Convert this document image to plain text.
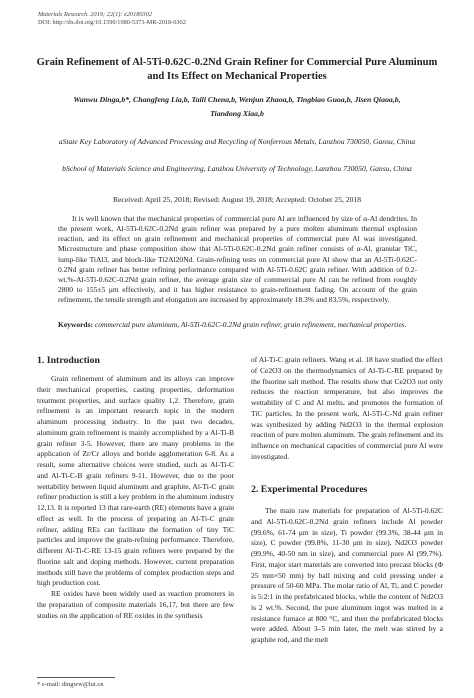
Materials Research. 2019; 22(1): e20180302
DOI: http://dx.doi.org/10.1590/1980-5373-MR-2018-0302
Grain Refinement of Al-5Ti-0.62C-0.2Nd Grain Refiner for Commercial Pure Aluminum and Its Effect on Mechanical Properties
Wanwu Dinga,b*, Changfeng Lia,b, Taili Chena,b, Wenjun Zhaoa,b, Tingbiao Guoa,b, Jisen Qiaoa,b,
Tiandong Xiaa,b
aState Key Laboratory of Advanced Processing and Recycling of Nonferrous Metals, Lanzhou 730050, Gansu, China
bSchool of Materials Science and Engineering, Lanzhou University of Technology, Lanzhou 730050, Gansu, China
Received: April 25, 2018; Revised: August 19, 2018; Accepted: October 25, 2018

It is well known that the mechanical properties of commercial pure Al are influenced by size of α-Al dendrites. In the present work, Al-5Ti-0.62C-0.2Nd grain refiner was prepared by a pure molten aluminum thermal explosion reaction, and its effect on grain refinement and mechanical properties of commercial pure Al was investigated. Microstructure and phase composition show that Al-5Ti-0.62C-0.2Nd grain refiner consists of α-Al, granular TiC, lump-like TiAl3, and block-like Ti2Al20Nd. Grain-refining tests on commercial pure Al show that an Al-5Ti-0.62C-0.2Nd grain refiner has better refining performance compared with Al-5Ti-0.62C grain refiner. With addition of 0.2-wt.%-Al-5Ti-0.62C-0.2Nd grain refiner, the average grain size of commercial pure Al can be refined from roughly 2800 to 155±5 μm effectively, and it has higher resistance to grain-refinement fading. On account of the grain refinement, the tensile strength and elongation are increased by approximately 18.3% and 83.5%, respectively.

Keywords: commercial pure aluminum, Al-5Ti-0.62C-0.2Nd grain refiner, grain refinement, mechanical properties.

1. Introduction

Grain refinement of aluminum and its alloys can improve their mechanical properties, casting properties, deformation treatment properties, and surface quality 1,2. Therefore, grain refinement is an important research topic in the modern aluminum processing industry. In the past two decades, aluminum grain refinement is mainly accomplished by a Al-Ti-B grain refiner 3-5. However, there are many problems in the application of Zr/Cr alloys and boride agglomeration 6-8. As a result, some alternative choices were studied, such as Al-Ti-C and Al-Ti-C-B grain refiners 9-11. However, due to the poor wettability between liquid aluminum and graphite, Al-Ti-C grain refiner production is still a key problem in the aluminum industry 12,13. It is reported 13 that rare-earth (RE) elements have a grain effect as well. In the process of preparing an Al-Ti-C grain refiner, adding REs can facilitate the formation of tiny TiC particles and improve the grain-refining performance. Therefore, different Al-Ti-C-RE 13-15 grain refiners were prepared by the fluorine salt and doping methods. However, current preparation methods still have the problems of complex production steps and high production cost.

RE oxides have been widely used as reaction promoters in the preparation of composite materials 16,17, but there are few studies on the application of RE oxides in the synthesis

of Al-Ti-C grain refiners. Wang et al. 18 have studied the effect of Ce2O3 on the thermodynamics of Al-Ti-C-RE prepared by the fluorine salt method. The results show that Ce2O3 not only reduces the reaction temperature, but also improves the wettability of C and Al melts, and promotes the formation of TiC particles. In the present work, Al-5Ti-C-Nd grain refiner was synthesized by adding Nd2O3 in the thermal explosion reaction of pure molten aluminum. The grain refinement and its influence on mechanical capacities of commercial pure Al were investigated.

2. Experimental Procedures

The main raw materials for preparation of Al-5Ti-0.62C and Al-5Ti-0.62C-0.2Nd grain refiners include Al powder (99.6%, 61-74 μm in size), Ti powder (99.3%, 38-44 μm in size), C powder (99.8%, 11-30 μm in size), Nd2O3 powder (99.9%, 40-50 nm in size), and commercial pure Al (99.7%). First, major start materials are converted into precast blocks (Φ 25 mm×50 mm) by ball mixing and cold pressing under a pressure of 50-60 MPa. The molar ratio of Al, Ti, and C powder is 5:2:1 in the prefabricated blocks, while the content of Nd2O3 is 2 wt.%. Second, the pure aluminum ingot was melted in a resistance furnace at 800 °C, and then the prefabricated blocks were added. About 3–5 min later, the melt was stirred by a graphite rod, and the melt

* e-mail: dingww@lut.cn
